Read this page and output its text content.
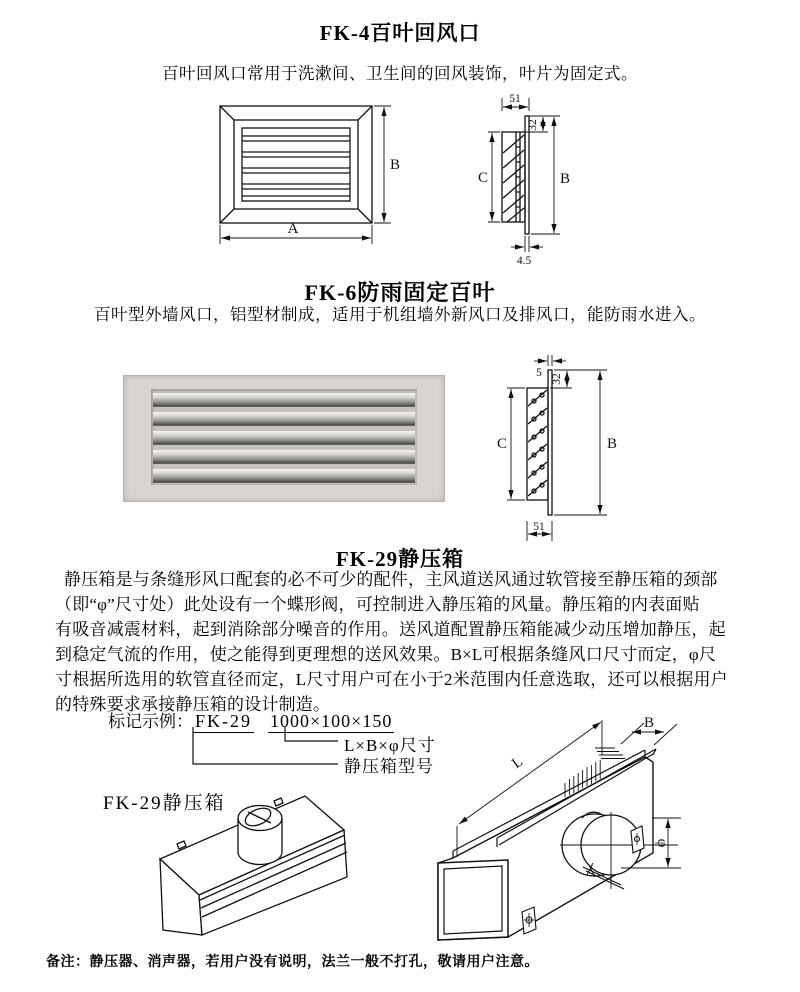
FK-4百叶回风口
百叶回风口常用于洗漱间、卫生间的回风装饰，叶片为固定式。
A
B
51
32
C	B
4.5
FK-6防雨固定百叶
百叶型外墙风口，铝型材制成，适用于机组墙外新风口及排风口，能防雨水进入。
5 32
C	B
51
FK-29静压箱
静压箱是与条缝形风口配套的必不可少的配件，主风道送风通过软管接至静压箱的颈部
（即“φ”尺寸处）此处设有一个蝶形阀，可控制进入静压箱的风量。静压箱的内表面贴
有吸音减震材料，起到消除部分噪音的作用。送风道配置静压箱能减少动压增加静压，起
到稳定气流的作用，使之能得到更理想的送风效果。B×L可根据条缝风口尺寸而定，φ尺
寸根据所选用的软管直径而定，L尺寸用户可在小于2米范围内任意选取，还可以根据用户
的特殊要求承接静压箱的设计制造。
标记示例： FK-29 1000×100×150
L×B×φ尺寸
静压箱型号
FK-29静压箱
L
B
φ
备注：静压器、消声器，若用户没有说明，法兰一般不打孔，敬请用户注意。
